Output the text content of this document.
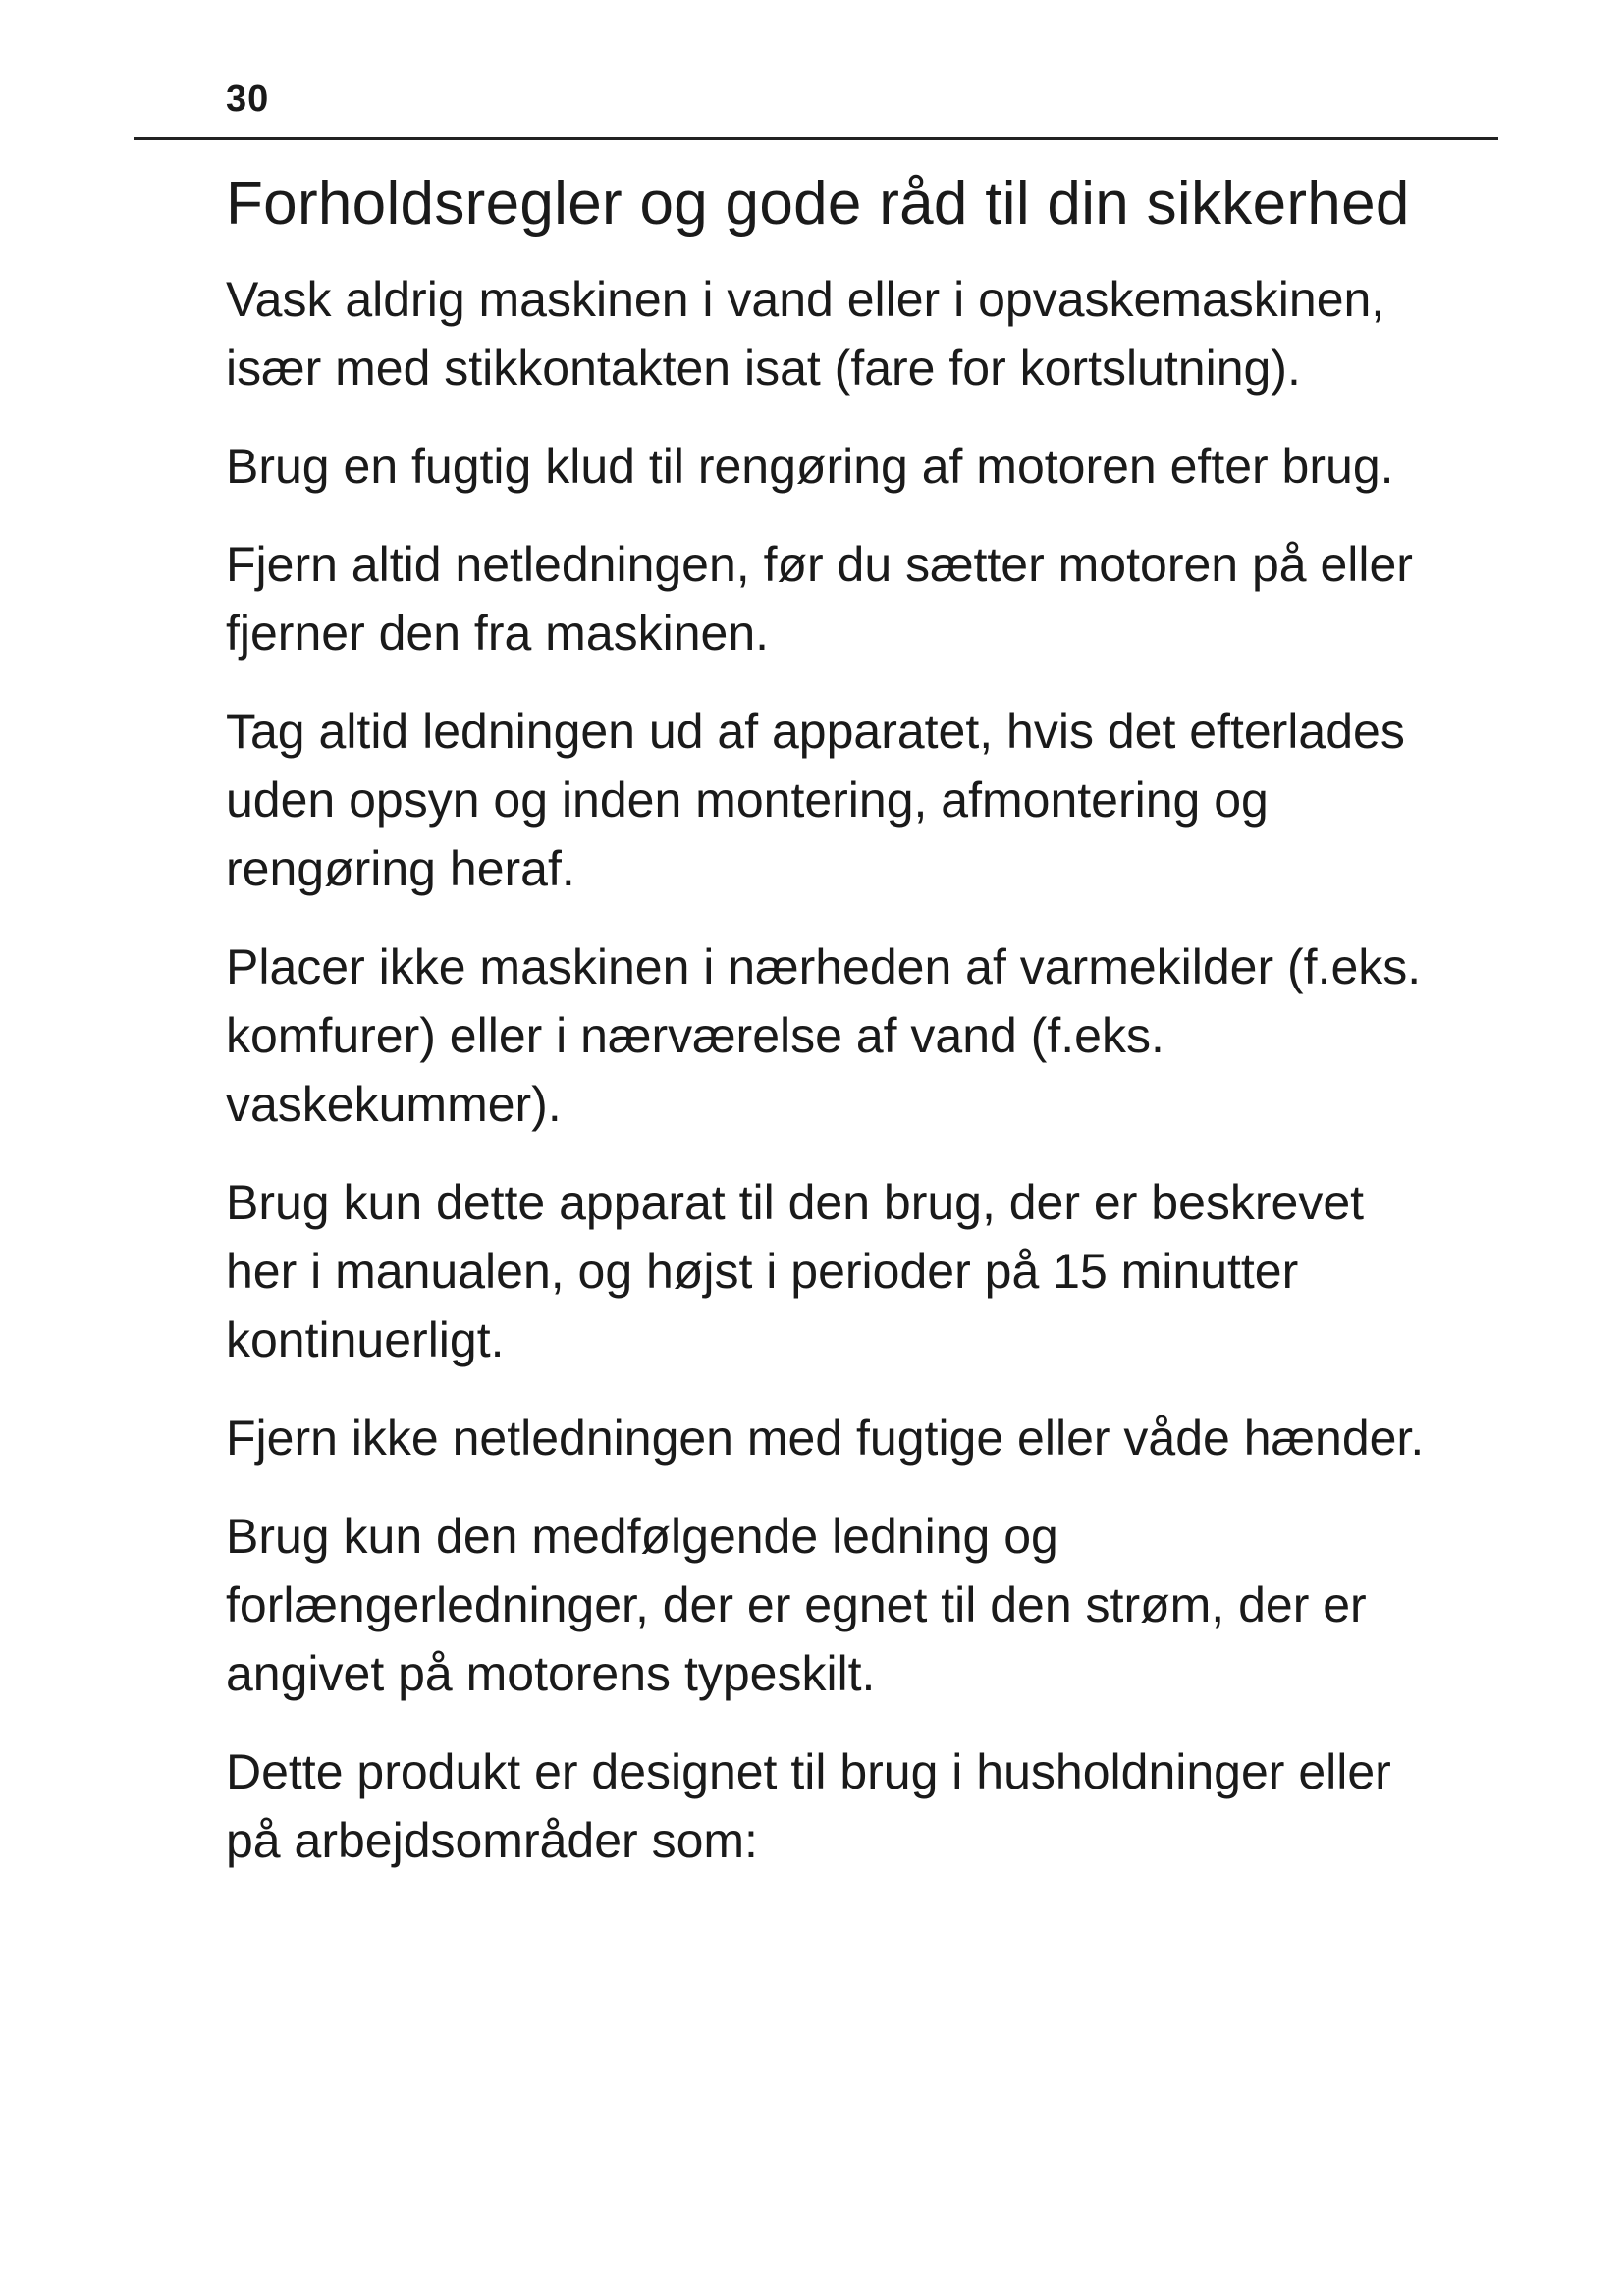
30
Forholdsregler og gode råd til din sikkerhed

Vask aldrig maskinen i vand eller i opvaskemaskinen, især med stikkontakten isat (fare for kortslutning).

Brug en fugtig klud til rengøring af motoren efter brug.

Fjern altid netledningen, før du sætter motoren på eller fjerner den fra maskinen.

Tag altid ledningen ud af apparatet, hvis det efterlades uden opsyn og inden montering, afmontering og rengøring heraf.

Placer ikke maskinen i nærheden af varmekilder (f.eks. komfurer) eller i nærværelse af vand (f.eks. vaskekummer).

Brug kun dette apparat til den brug, der er beskrevet her i manualen, og højst i perioder på 15 minutter kontinuerligt.

Fjern ikke netledningen med fugtige eller våde hænder.

Brug kun den medfølgende ledning og forlængerledninger, der er egnet til den strøm, der er angivet på motorens typeskilt.

Dette produkt er designet til brug i husholdninger eller på arbejdsområder som:
